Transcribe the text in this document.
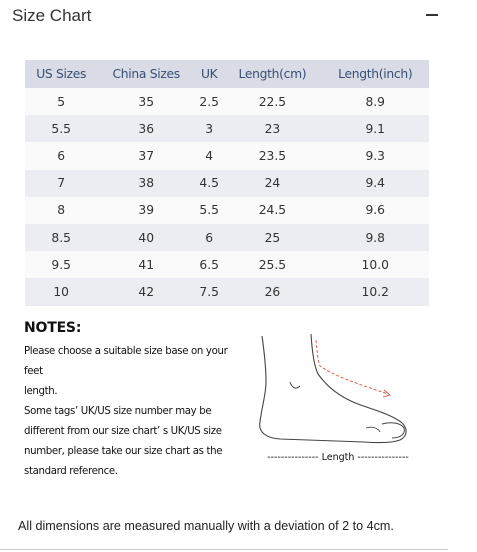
Size Chart
US Sizes	China Sizes	UK	Length(cm)	Length(inch)
5	35	2.5	22.5	8.9
5.5	36	3	23	9.1
6	37	4	23.5	9.3
7	38	4.5	24	9.4
8	39	5.5	24.5	9.6
8.5	40	6	25	9.8
9.5	41	6.5	25.5	10.0
10	42	7.5	26	10.2
NOTES:

Please choose a suitable size base on your feet

length.

Some tags’ UK/US size number may be

different from our size chart’ s UK/US size

number, please take our size chart as the

standard reference.

--------------- Length ---------------
All dimensions are measured manually with a deviation of 2 to 4cm.
